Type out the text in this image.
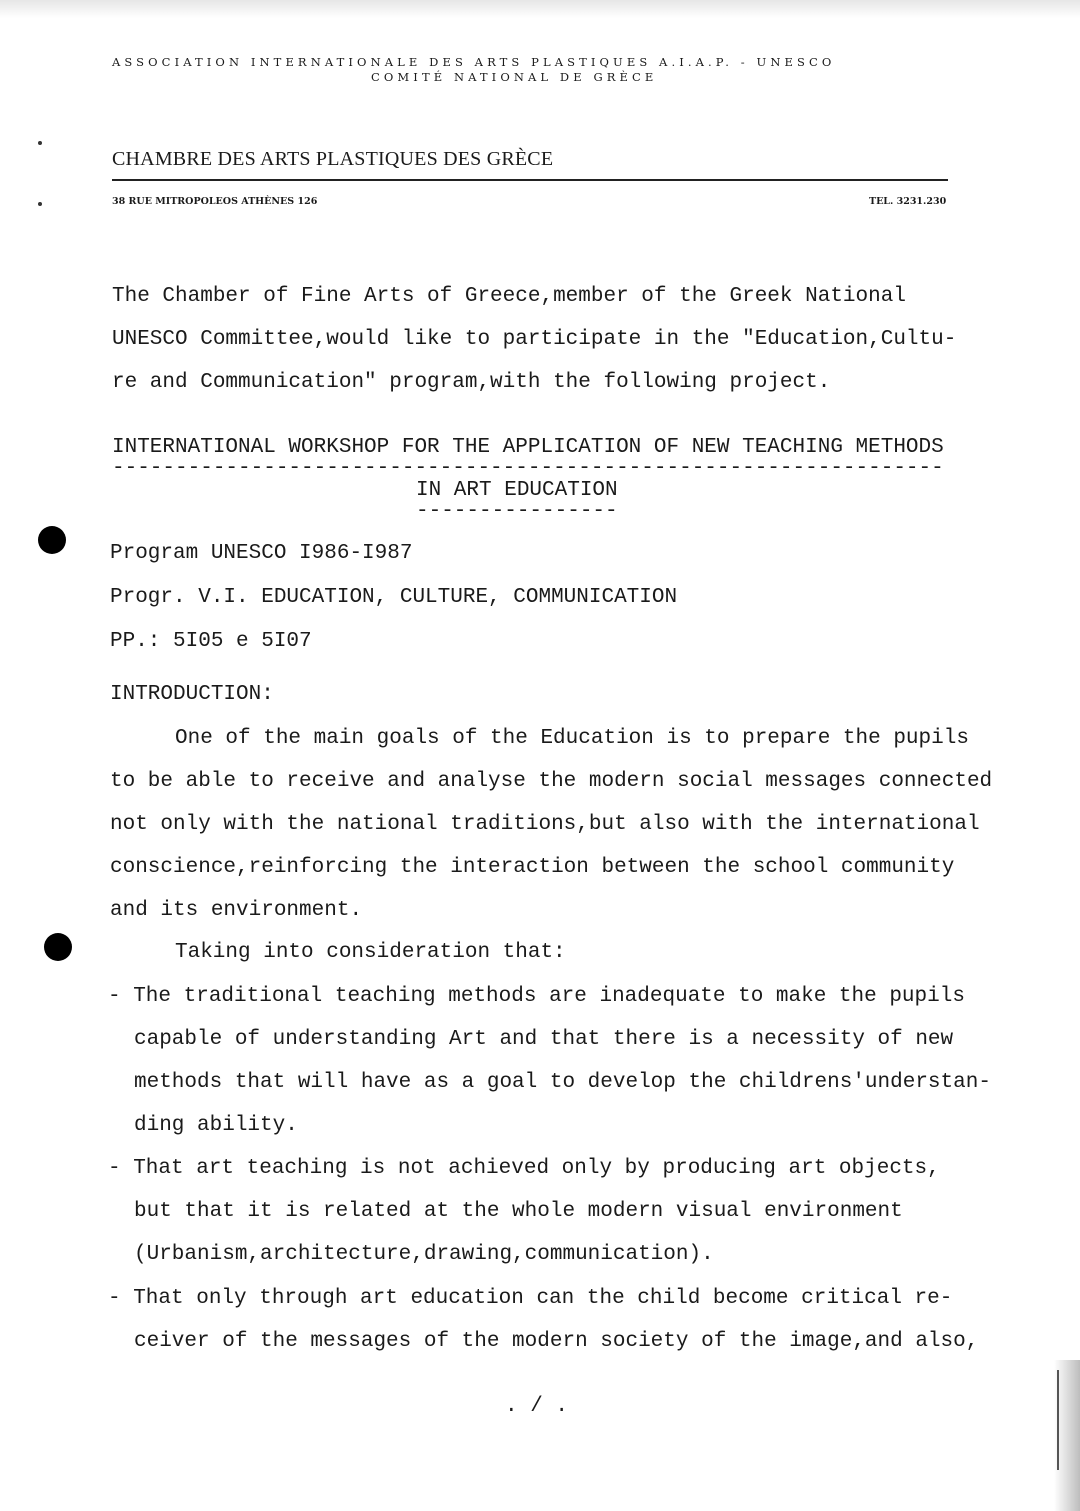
ASSOCIATION INTERNATIONALE DES ARTS PLASTIQUES A.I.A.P. - UNESCO
COMITÉ NATIONAL DE GRÈCE
CHAMBRE DES ARTS PLASTIQUES DES GRÈCE
38 RUE MITROPOLEOS ATHÈNES 126	TEL. 3231.230
The Chamber of Fine Arts of Greece,member of the Greek National
UNESCO Committee,would like to participate in the "Education,Cultu-
re and Communication" program,with the following project.
INTERNATIONAL WORKSHOP FOR THE APPLICATION OF NEW TEACHING METHODS
------------------------------------------------------------------
IN ART EDUCATION
----------------
Program UNESCO I986-I987
Progr. V.I. EDUCATION, CULTURE, COMMUNICATION
PP.: 5I05 e 5I07
INTRODUCTION:
One of the main goals of the Education is to prepare the pupils
to be able to receive and analyse the modern social messages connected
not only with the national traditions,but also with the international
conscience,reinforcing the interaction between the school community
and its environment.
Taking into consideration that:
- The traditional teaching methods are inadequate to make the pupils
capable of understanding Art and that there is a necessity of new
methods that will have as a goal to develop the childrens'understan-
ding ability.
- That art teaching is not achieved only by producing art objects,
but that it is related at the whole modern visual environment
(Urbanism,architecture,drawing,communication).
- That only through art education can the child become critical re-
ceiver of the messages of the modern society of the image,and also,
. / .
